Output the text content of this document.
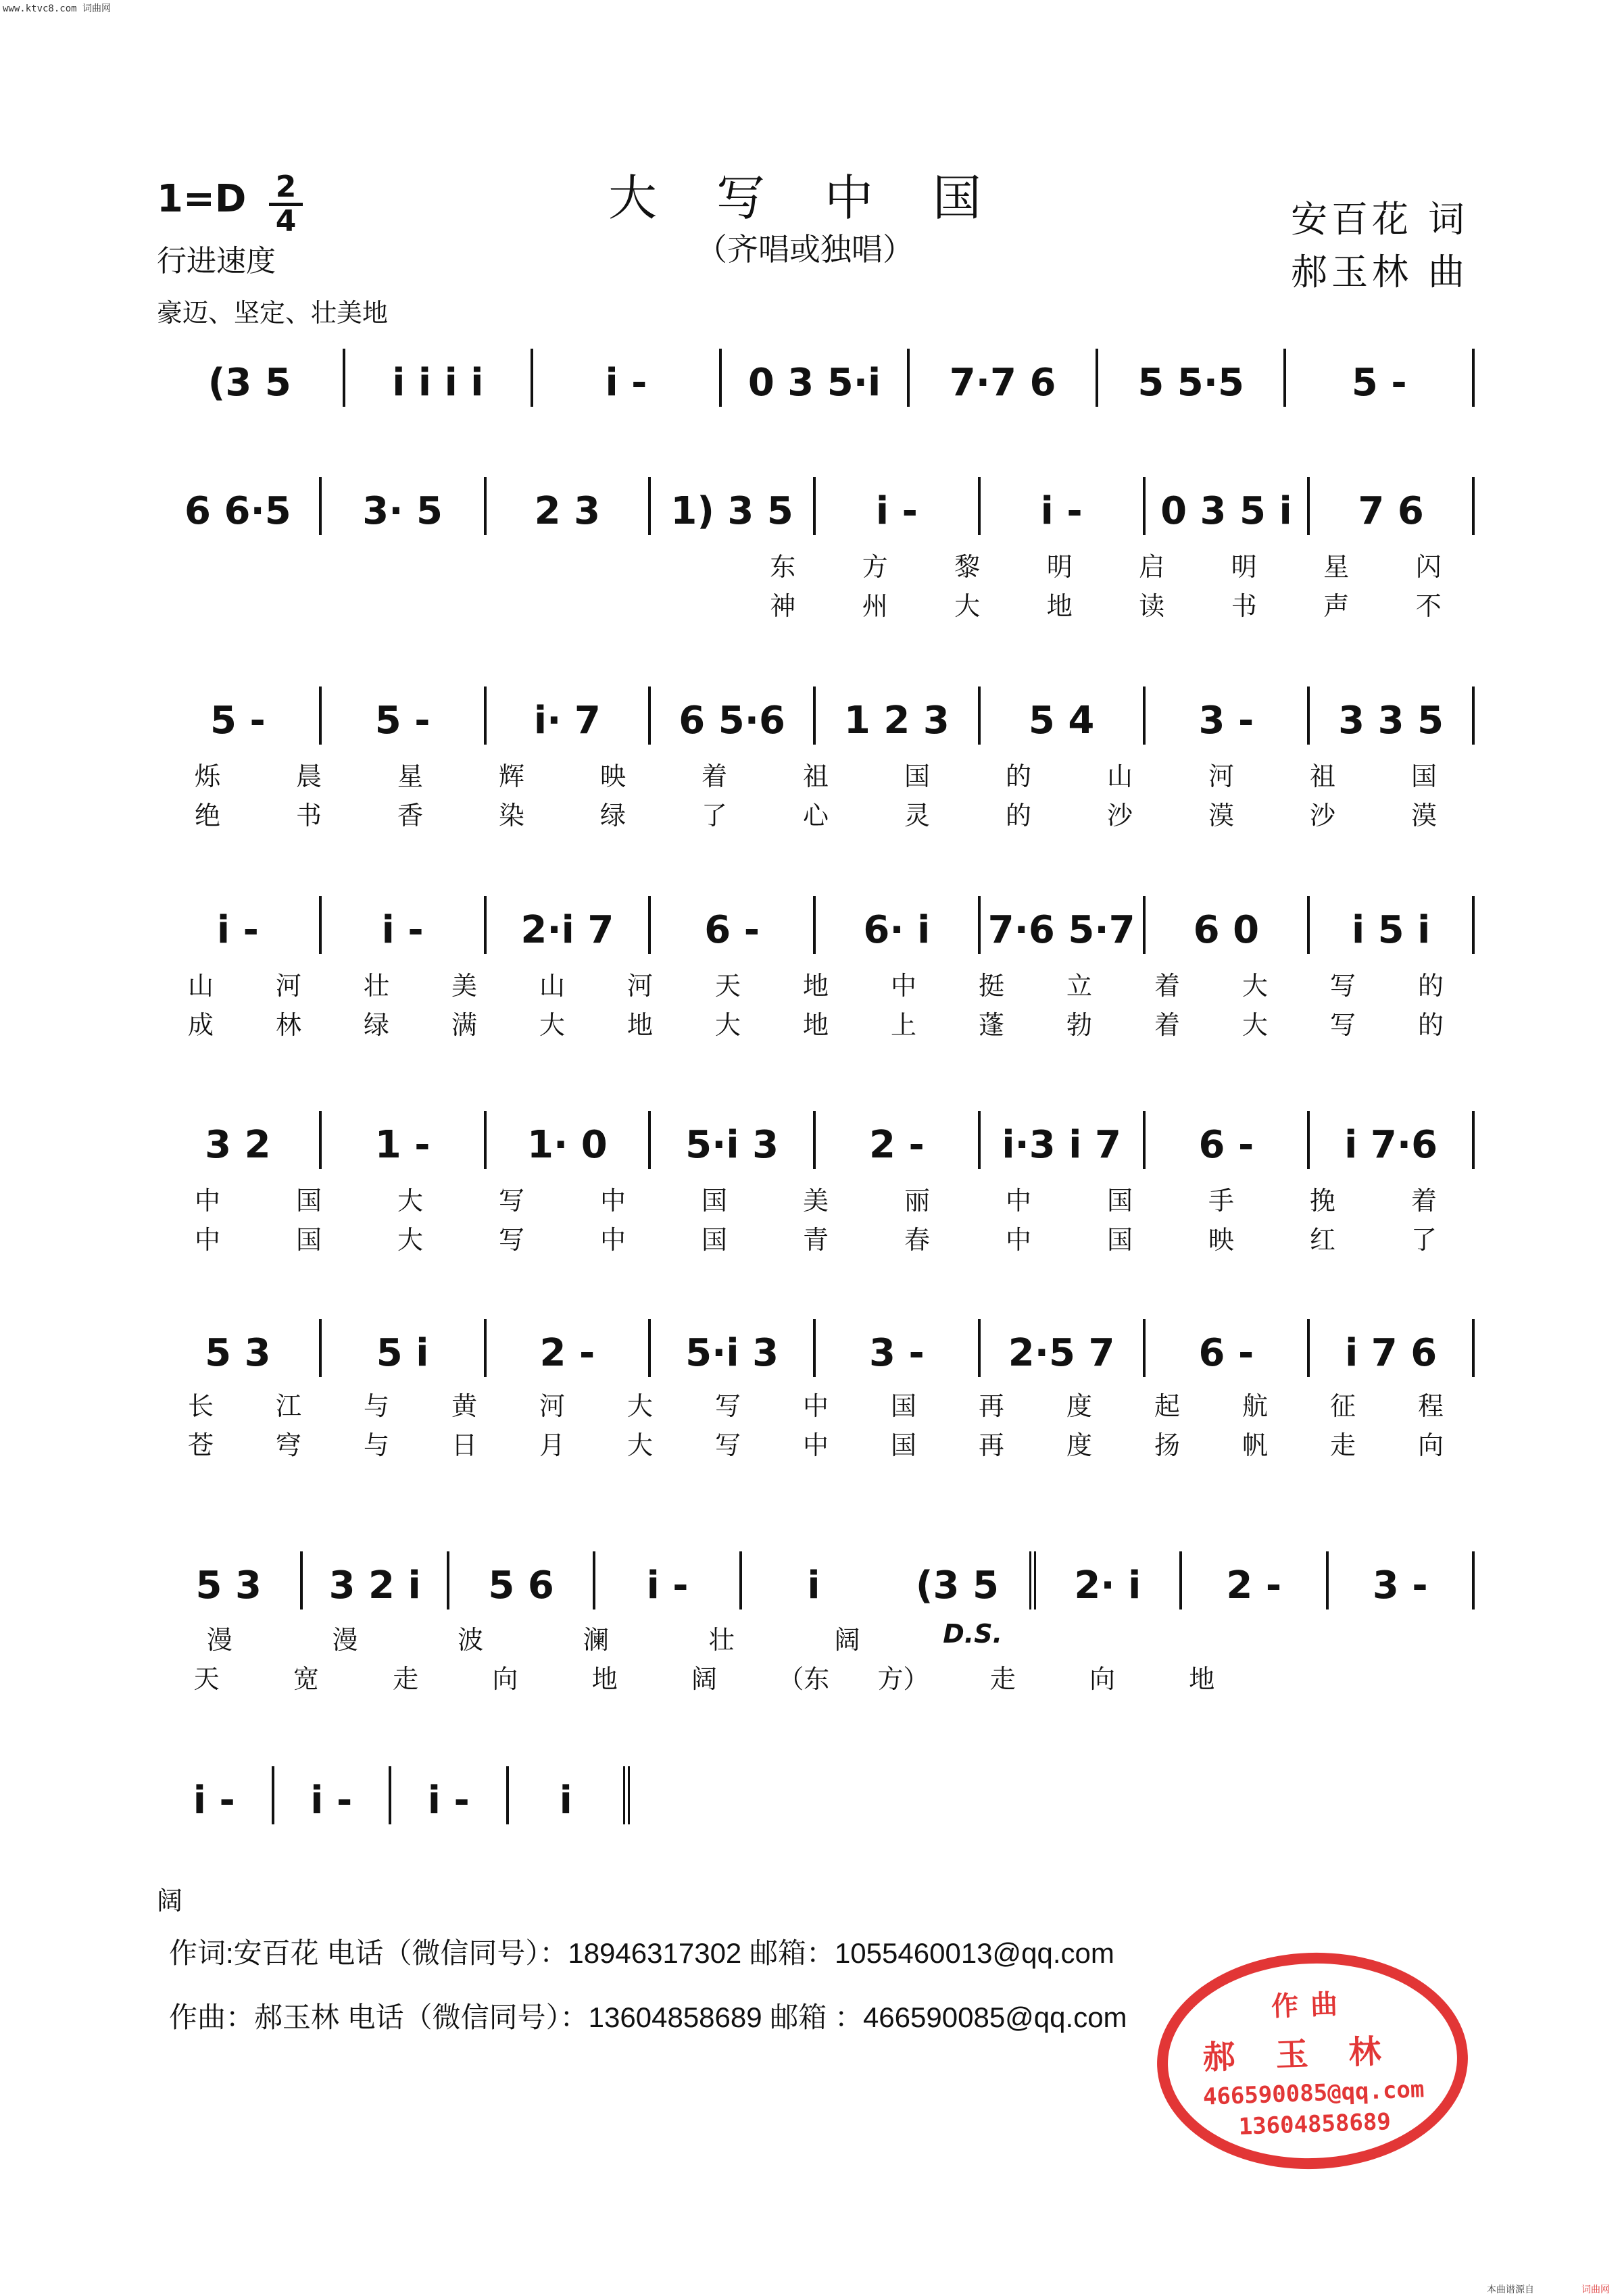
www.ktvc8.com 词曲网
大写中国
（齐唱或独唱）
1=D 2
4
行进速度
豪迈、坚定、壮美地
安百花 词
郝玉林 曲
(3 5	i i i i	i -	0 3 5·i	7·7 6	5 5·5	5 -
6 6·5	3· 5	2 3	1) 3 5	i -	i -	0 3 5 i	7 6
东	方	黎	明	启	明	星	闪
神	州	大	地	读	书	声	不
5 -	5 -	i· 7	6 5·6	1 2 3	5 4	3 -	3 3 5
烁	晨	星	辉	映	着	祖	国	的	山	河	祖	国
绝	书	香	染	绿	了	心	灵	的	沙	漠	沙	漠
i -	i -	2·i 7	6 -	6· i	7·6 5·7	6 0	i 5 i
山	河	壮	美	山	河	天	地	中	挺	立	着	大	写	的
成	林	绿	满	大	地	大	地	上	蓬	勃	着	大	写	的
3 2	1 -	1· 0	5·i 3	2 -	i·3 i 7	6 -	i 7·6
中	国	大	写	中	国	美	丽	中	国	手	挽	着
中	国	大	写	中	国	青	春	中	国	映	红	了
5 3	5 i	2 -	5·i 3	3 -	2·5 7	6 -	i 7 6
长	江	与	黄	河	大	写	中	国	再	度	起	航	征	程
苍	穹	与	日	月	大	写	中	国	再	度	扬	帆	走	向
5 3	3 2 i	5 6	i -	i	(3 5	2· i	2 -	3 -
漫	漫	波	澜	壮	阔	D.S.
天	宽	走	向	地	阔	（东	方）	走	向	地
i -	i -	i -	i
阔
作词:安百花 电话（微信同号）：18946317302 邮箱：1055460013@qq.com
作曲：郝玉林 电话（微信同号）：13604858689 邮箱 ：466590085@qq.com	作曲
郝玉林
466590085@qq.com
13604858689
本曲谱源自	词曲网
